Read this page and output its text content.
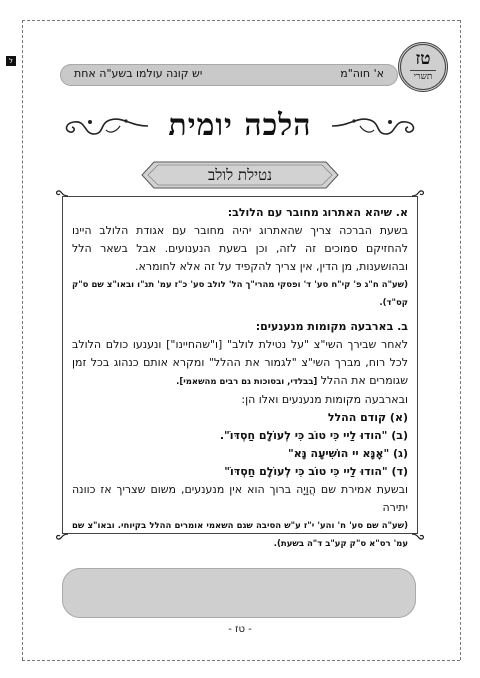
ל
א' חוה"מ
יש קונה עולמו בשע"ה אחת
טז
תשרי
הלכה יומית
נטילת לולב

א. שיהא האתרוג מחובר עם הלולב:

בשעת הברכה צריך שהאתרוג יהיה מחובר עם אגודת הלולב היינו להחזיקם סמוכים זה לזה, וכן בשעת הנענועים. אבל בשאר הלל ובהושענות, מן הדין, אין צריך להקפיד על זה אלא לחומרא.

(שע"ה ח"ג פ' קי"ח סע' ד' ופסקי מהרי"ך הל' לולב סע' כ"ז עמ' תנ"ו ובאו"צ שם ס"ק קס"ד).

ב. בארבעה מקומות מנענעים:

לאחר שבירך השי"צ "על נטילת לולב" [ו"שהחיינו"] ונענעו כולם הלולב לכל רוח, מברך השי"צ "לגמור את ההלל" ומקרא אותם כנהוג בכל זמן שגומרים את ההלל [בבלדי, ובסוכות גם רבים מהשאמי].

ובארבעה מקומות מנענעים ואלו הן:

(א) קודם ההלל

(ב) "הודוּ לַיי כִּי טוֹב כִּי לְעוֹלָם חַסְדּוֹ".

(ג) "אָנָּא יי הוֹשִׁיעָה נָּא"

(ד) "הודוּ לַיי כִּי טוֹב כִּי לְעוֹלָם חַסְדּוֹ"

ובשעת אמירת שם הֲוָיָה ברוך הוא אין מנענעים, משום שצריך אז כוונה יתירה

(שע"ה שם סע' ח' והע' י"ז ע"ש הסיבה שגם השאמי אומרים ההלל בקיוחי. ובאו"צ שם עמ' רס"א ס"ק קע"ב ד"ה בשעת).

- טז -
